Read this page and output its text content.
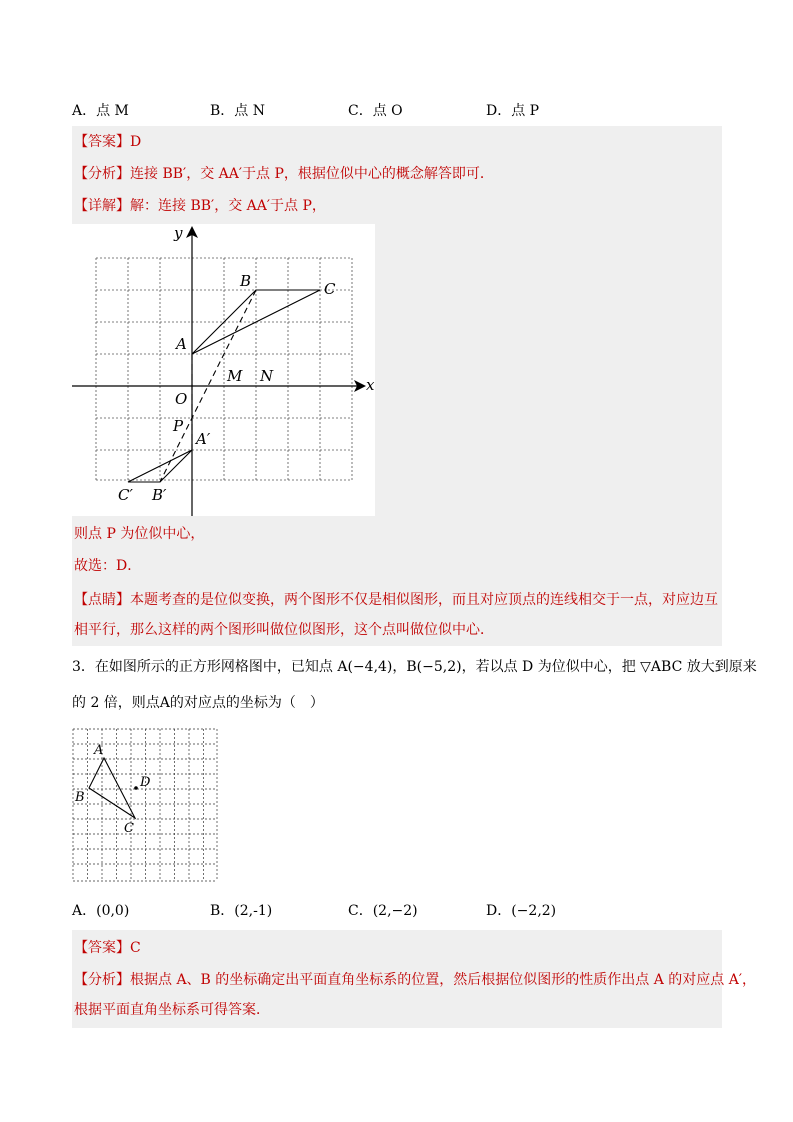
A．点 M	B．点 N	C．点 O	D．点 P
【答案】D
【分析】连接 BB′，交 AA′于点 P，根据位似中心的概念解答即可．
【详解】解：连接 BB′，交 AA′于点 P，
y
x
B	C
A
M N
O
P
A′
B′
C′
则点 P 为位似中心，
故选：D．
【点睛】本题考查的是位似变换，两个图形不仅是相似图形，而且对应顶点的连线相交于一点，对应边互
相平行，那么这样的两个图形叫做位似图形，这个点叫做位似中心．
3．在如图所示的正方形网格图中，已知点 A(−4,4)，B(−5,2)，若以点 D 为位似中心，把 ▽ABC 放大到原来
的 2 倍，则点A的对应点的坐标为（　）
A
B
C
D
A．(0,0)	B．(2,-1)	C．(2,−2)	D．(−2,2)
【答案】C
【分析】根据点 A、B 的坐标确定出平面直角坐标系的位置，然后根据位似图形的性质作出点 A 的对应点 A′，
根据平面直角坐标系可得答案．
